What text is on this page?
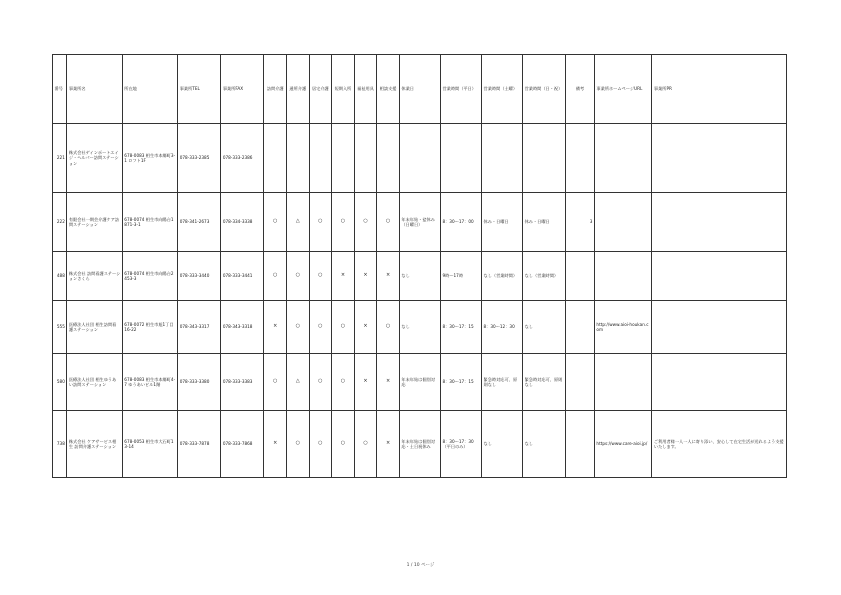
番号	事業所名	所在地	事業所TEL	事業所FAX	訪問介護	通所介護	居宅介護	短期入所	福祉用具	相談支援	休業日	営業時間（平日）	営業時間（土曜）	営業時間（日・祝）	備考	事業所ホームページURL	事業所PR
221	株式会社ゲインポートエイジ・ヘルパー訪問ステーション	678-0083 相生市本郷町3-1 ロフト1F	078-333-2385	078-333-2386													
222	有限会社一期会介護ケア訪問ステーション	678-0074 相生市向陽台1871-3-1	078-341-2673	078-334-3338	○	△	○	○	○	○	年末年始・盆休み（日曜日）	8：30～17：00	休み・日曜日	休み・日曜日	3		
488	株式会社 訪問看護ステーションさくら	678-0074 相生市向陽台2453-3	078-333-3440	078-333-3441	○	○	○	×	×	×	なし	9時～17時	なし（営業時間）	なし（営業時間）			
555	医療法人社団 相生訪問看護ステーション	678-0072 相生市旭1丁目16-22	078-343-3317	078-343-3318	×	○	○	○	×	○	なし	8：30～17：15	8：30～12：30	なし		http://www.aioi-houkan.com	
580	医療法人社団 相生ゆうあい訪問ステーション	678-0083 相生市本郷町4-7 ゆうあいビル1階	078-333-3380	078-333-3383	○	△	○	○	×	×	年末年始は個別対応	8：30～17：15	緊急時対応可、原則なし	緊急時対応可、原則なし			
738	株式会社 ケアサービス相生 訪問介護ステーション	678-0053 相生市大石町13-14	078-333-7878	078-333-7868	×	○	○	○	○	×	年末年始は個別対応・土日祝休み	8：30～17：30（平日のみ）	なし	なし		https://www.care-aioi.jp/	ご利用者様一人一人に寄り添い、安心して在宅生活が送れるよう支援いたします。
1 / 10 ページ
